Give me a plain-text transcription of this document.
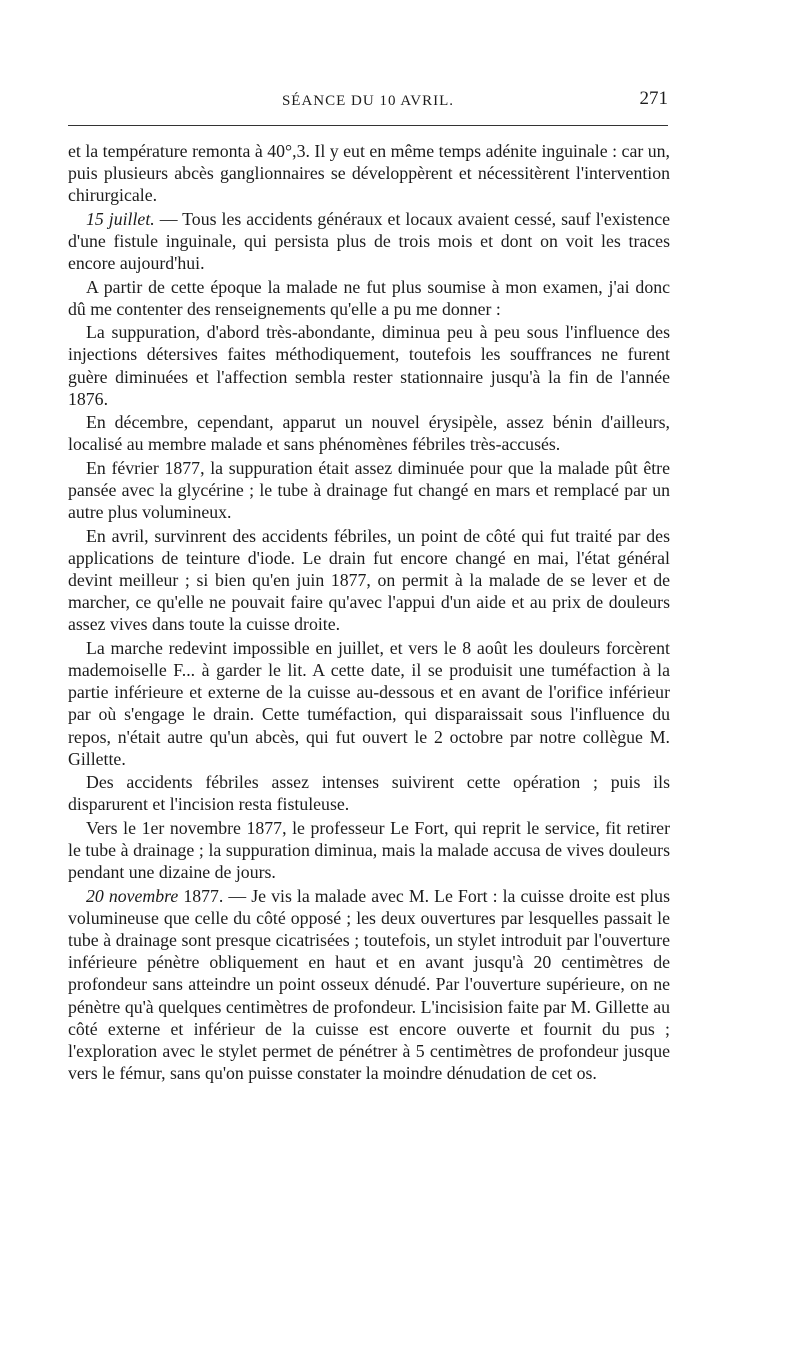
SÉANCE DU 10 AVRIL.	271

et la température remonta à 40°,3. Il y eut en même temps adénite inguinale : car un, puis plusieurs abcès ganglionnaires se développèrent et nécessitèrent l'intervention chirurgicale.

15 juillet. — Tous les accidents généraux et locaux avaient cessé, sauf l'existence d'une fistule inguinale, qui persista plus de trois mois et dont on voit les traces encore aujourd'hui.

A partir de cette époque la malade ne fut plus soumise à mon examen, j'ai donc dû me contenter des renseignements qu'elle a pu me donner :

La suppuration, d'abord très-abondante, diminua peu à peu sous l'influence des injections détersives faites méthodiquement, toutefois les souffrances ne furent guère diminuées et l'affection sembla rester stationnaire jusqu'à la fin de l'année 1876.

En décembre, cependant, apparut un nouvel érysipèle, assez bénin d'ailleurs, localisé au membre malade et sans phénomènes fébriles très-accusés.

En février 1877, la suppuration était assez diminuée pour que la malade pût être pansée avec la glycérine ; le tube à drainage fut changé en mars et remplacé par un autre plus volumineux.

En avril, survinrent des accidents fébriles, un point de côté qui fut traité par des applications de teinture d'iode. Le drain fut encore changé en mai, l'état général devint meilleur ; si bien qu'en juin 1877, on permit à la malade de se lever et de marcher, ce qu'elle ne pouvait faire qu'avec l'appui d'un aide et au prix de douleurs assez vives dans toute la cuisse droite.

La marche redevint impossible en juillet, et vers le 8 août les douleurs forcèrent mademoiselle F... à garder le lit. A cette date, il se produisit une tuméfaction à la partie inférieure et externe de la cuisse au-dessous et en avant de l'orifice inférieur par où s'engage le drain. Cette tuméfaction, qui disparaissait sous l'influence du repos, n'était autre qu'un abcès, qui fut ouvert le 2 octobre par notre collègue M. Gillette.

Des accidents fébriles assez intenses suivirent cette opération ; puis ils disparurent et l'incision resta fistuleuse.

Vers le 1er novembre 1877, le professeur Le Fort, qui reprit le service, fit retirer le tube à drainage ; la suppuration diminua, mais la malade accusa de vives douleurs pendant une dizaine de jours.

20 novembre 1877. — Je vis la malade avec M. Le Fort : la cuisse droite est plus volumineuse que celle du côté opposé ; les deux ouvertures par lesquelles passait le tube à drainage sont presque cicatrisées ; toutefois, un stylet introduit par l'ouverture inférieure pénètre obliquement en haut et en avant jusqu'à 20 centimètres de profondeur sans atteindre un point osseux dénudé. Par l'ouverture supérieure, on ne pénètre qu'à quelques centimètres de profondeur. L'incisision faite par M. Gillette au côté externe et inférieur de la cuisse est encore ouverte et fournit du pus ; l'exploration avec le stylet permet de pénétrer à 5 centimètres de profondeur jusque vers le fémur, sans qu'on puisse constater la moindre dénudation de cet os.
